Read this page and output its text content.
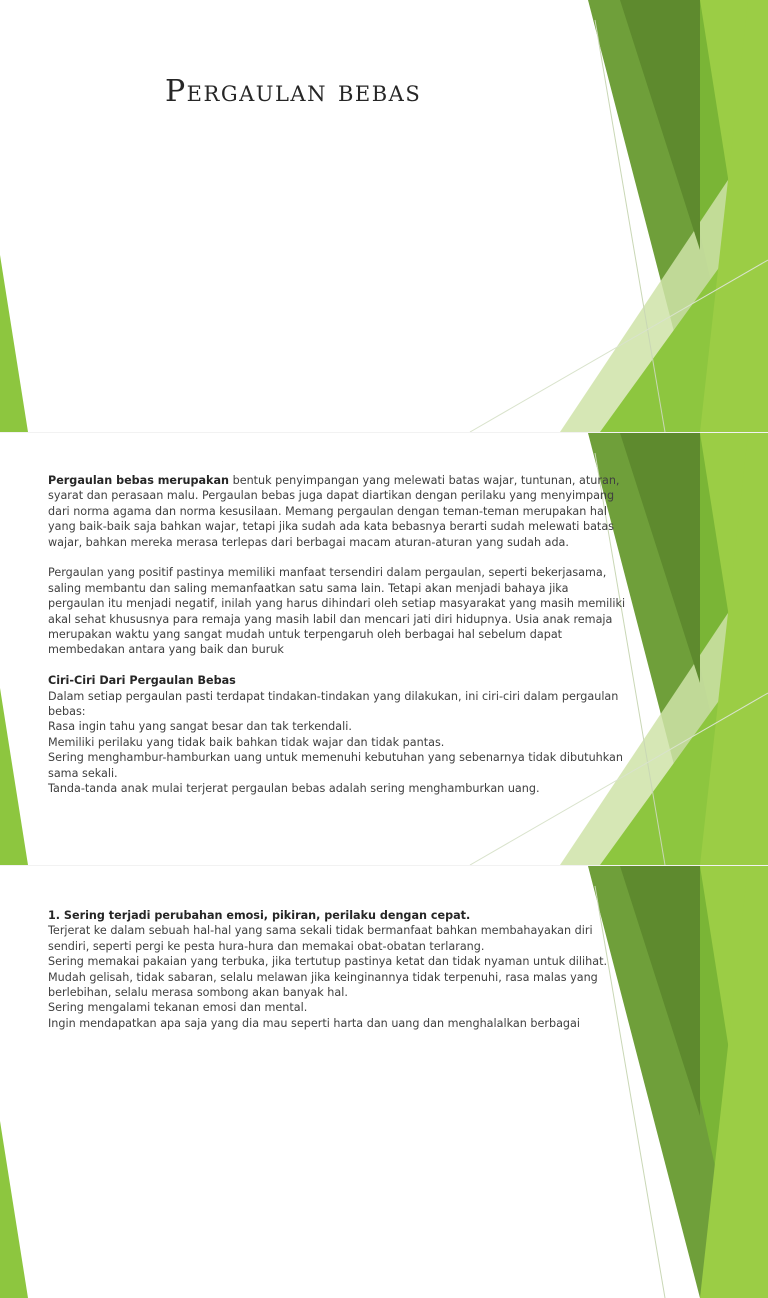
Pergaulan bebas

Pergaulan bebas merupakan bentuk penyimpangan yang melewati batas wajar, tuntunan, aturan, syarat dan perasaan malu. Pergaulan bebas juga dapat diartikan dengan perilaku yang menyimpang dari norma agama dan norma kesusilaan. Memang pergaulan dengan teman-teman merupakan hal yang baik-baik saja bahkan wajar, tetapi jika sudah ada kata bebasnya berarti sudah melewati batas wajar, bahkan mereka merasa terlepas dari berbagai macam aturan-aturan yang sudah ada.

Pergaulan yang positif pastinya memiliki manfaat tersendiri dalam pergaulan, seperti bekerjasama, saling membantu dan saling memanfaatkan satu sama lain. Tetapi akan menjadi bahaya jika pergaulan itu menjadi negatif, inilah yang harus dihindari oleh setiap masyarakat yang masih memiliki akal sehat khususnya para remaja yang masih labil dan mencari jati diri hidupnya. Usia anak remaja merupakan waktu yang sangat mudah untuk terpengaruh oleh berbagai hal sebelum dapat membedakan antara yang baik dan buruk

Ciri-Ciri Dari Pergaulan Bebas

Dalam setiap pergaulan pasti terdapat tindakan-tindakan yang dilakukan, ini ciri-ciri dalam pergaulan bebas:

Rasa ingin tahu yang sangat besar dan tak terkendali.

Memiliki perilaku yang tidak baik bahkan tidak wajar dan tidak pantas.

Sering menghambur-hamburkan uang untuk memenuhi kebutuhan yang sebenarnya tidak dibutuhkan sama sekali.

Tanda-tanda anak mulai terjerat pergaulan bebas adalah sering menghamburkan uang.

1. Sering terjadi perubahan emosi, pikiran, perilaku dengan cepat.

Terjerat ke dalam sebuah hal-hal yang sama sekali tidak bermanfaat bahkan membahayakan diri sendiri, seperti pergi ke pesta hura-hura dan memakai obat-obatan terlarang.

Sering memakai pakaian yang terbuka, jika tertutup pastinya ketat dan tidak nyaman untuk dilihat.

Mudah gelisah, tidak sabaran, selalu melawan jika keinginannya tidak terpenuhi, rasa malas yang berlebihan, selalu merasa sombong akan banyak hal.

Sering mengalami tekanan emosi dan mental.

Ingin mendapatkan apa saja yang dia mau seperti harta dan uang dan menghalalkan berbagai
